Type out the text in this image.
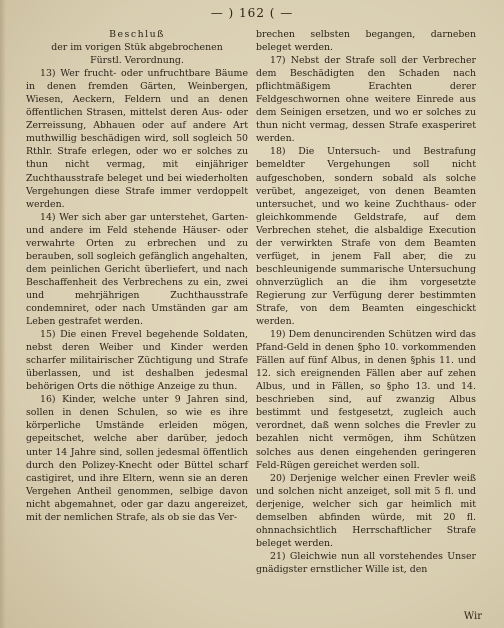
— ) 162 ( —

Beschluß

der im vorigen Stük abgebrochenen

Fürstl. Verordnung.

13) Wer frucht- oder unfruchtbare Bäume in denen fremden Gärten, Weinbergen, Wiesen, Aeckern, Feldern und an denen öffentlichen Strasen, mittelst deren Aus- oder Zerreissung, Abhauen oder auf andere Art muthwillig beschädigen wird, soll sogleich 50 Rthlr. Strafe erlegen, oder wo er solches zu thun nicht vermag, mit einjähriger Zuchthausstrafe beleget und bei wiederholten Vergehungen diese Strafe immer verdoppelt werden.

14) Wer sich aber gar unterstehet, Garten- und andere im Feld stehende Häuser- oder verwahrte Orten zu erbrechen und zu berauben, soll sogleich gefänglich angehalten, dem peinlichen Gericht überliefert, und nach Beschaffenheit des Verbrechens zu ein, zwei und mehrjährigen Zuchthausstrafe condemniret, oder nach Umständen gar am Leben gestrafet werden.

15) Die einen Frevel begehende Soldaten, nebst deren Weiber und Kinder werden scharfer militairischer Züchtigung und Strafe überlassen, und ist deshalben jedesmal behörigen Orts die nöthige Anzeige zu thun.

16) Kinder, welche unter 9 Jahren sind, sollen in denen Schulen, so wie es ihre körperliche Umstände erleiden mögen, gepeitschet, welche aber darüber, jedoch unter 14 Jahre sind, sollen jedesmal öffentlich durch den Polizey-Knecht oder Büttel scharf castigiret, und ihre Eltern, wenn sie an deren Vergehen Antheil genommen, selbige davon nicht abgemahnet, oder gar dazu angereizet, mit der nemlichen Strafe, als ob sie das Ver-

brechen selbsten begangen, darneben beleget werden.

17) Nebst der Strafe soll der Verbrecher dem Beschädigten den Schaden nach pflichtmäßigem Erachten derer Feldgeschwornen ohne weitere Einrede aus dem Seinigen ersetzen, und wo er solches zu thun nicht vermag, dessen Strafe exasperiret werden.

18) Die Untersuch- und Bestrafung bemeldter Vergehungen soll nicht aufgeschoben, sondern sobald als solche verübet, angezeiget, von denen Beamten untersuchet, und wo keine Zuchthaus- oder gleichkommende Geldstrafe, auf dem Verbrechen stehet, die alsbaldige Execution der verwirkten Strafe von dem Beamten verfüget, in jenem Fall aber, die zu beschleunigende summarische Untersuchung ohnverzüglich an die ihm vorgesetzte Regierung zur Verfügung derer bestimmten Strafe, von dem Beamten eingeschickt werden.

19) Dem denuncirenden Schützen wird das Pfand-Geld in denen §pho 10. vorkommenden Fällen auf fünf Albus, in denen §phis 11. und 12. sich ereignenden Fällen aber auf zehen Albus, und in Fällen, so §pho 13. und 14. beschrieben sind, auf zwanzig Albus bestimmt und festgesetzt, zugleich auch verordnet, daß wenn solches die Frevler zu bezahlen nicht vermögen, ihm Schützen solches aus denen eingehenden geringeren Feld-Rügen gereichet werden soll.

20) Derjenige welcher einen Frevler weiß und solchen nicht anzeiget, soll mit 5 fl. und derjenige, welcher sich gar heimlich mit demselben abfinden würde, mit 20 fl. ohnnachsichtlich Herrschaftlicher Strafe beleget werden.

21) Gleichwie nun all vorstehendes Unser gnädigster ernstlicher Wille ist, den

Wir
